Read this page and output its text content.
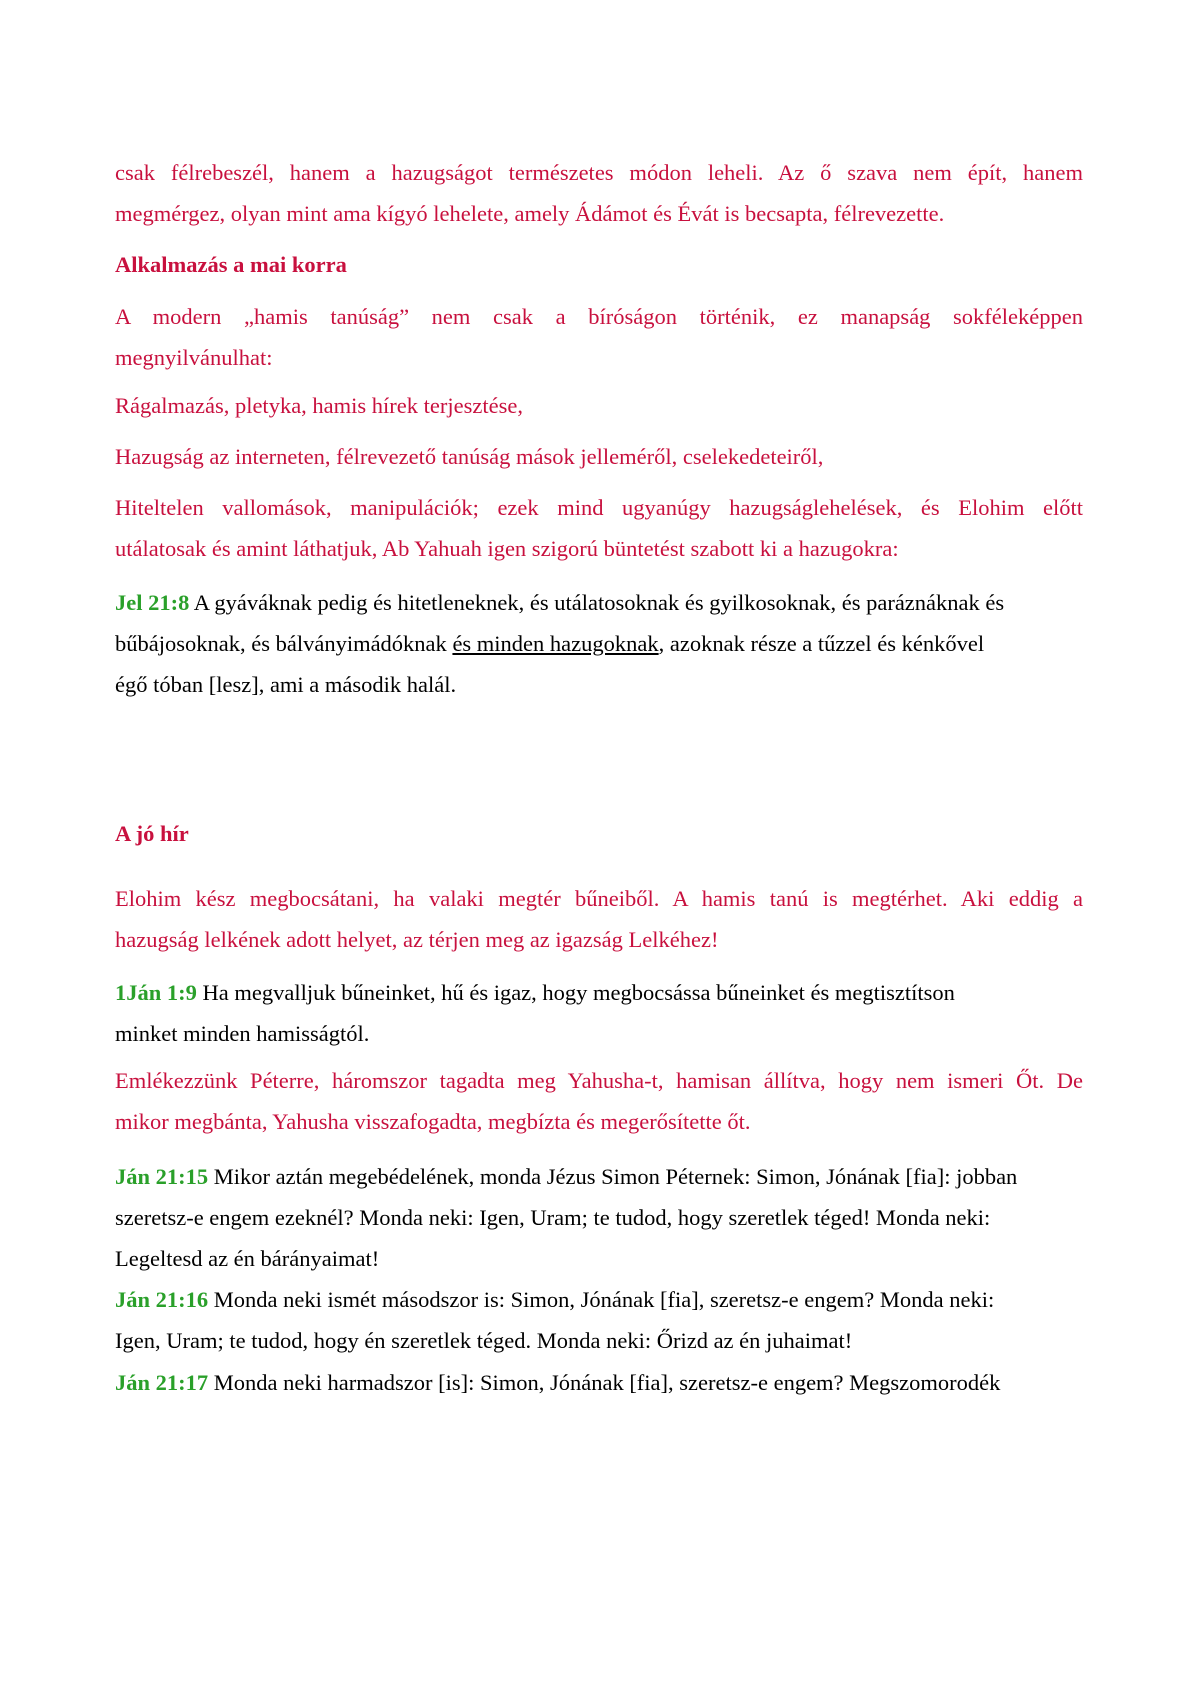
csak félrebeszél, hanem a hazugságot természetes módon leheli. Az ő szava nem épít, hanem
megmérgez, olyan mint ama kígyó lehelete, amely Ádámot és Évát is becsapta, félrevezette.
Alkalmazás a mai korra
A modern „hamis tanúság” nem csak a bíróságon történik, ez manapság sokféleképpen
megnyilvánulhat:
Rágalmazás, pletyka, hamis hírek terjesztése,
Hazugság az interneten, félrevezető tanúság mások jelleméről, cselekedeteiről,
Hiteltelen vallomások, manipulációk; ezek mind ugyanúgy hazugságlehelések, és Elohim előtt
utálatosak és amint láthatjuk, Ab Yahuah igen szigorú büntetést szabott ki a hazugokra:
Jel 21:8 A gyáváknak pedig és hitetleneknek, és utálatosoknak és gyilkosoknak, és paráznáknak és
bűbájosoknak, és bálványimádóknak és minden hazugoknak, azoknak része a tűzzel és kénkővel
égő tóban [lesz], ami a második halál.
A jó hír
Elohim kész megbocsátani, ha valaki megtér bűneiből. A hamis tanú is megtérhet. Aki eddig a
hazugság lelkének adott helyet, az térjen meg az igazság Lelkéhez!
1Ján 1:9 Ha megvalljuk bűneinket, hű és igaz, hogy megbocsássa bűneinket és megtisztítson
minket minden hamisságtól.
Emlékezzünk Péterre, háromszor tagadta meg Yahusha-t, hamisan állítva, hogy nem ismeri Őt. De
mikor megbánta, Yahusha visszafogadta, megbízta és megerősítette őt.
Ján 21:15 Mikor aztán megebédelének, monda Jézus Simon Péternek: Simon, Jónának [fia]: jobban
szeretsz-e engem ezeknél? Monda neki: Igen, Uram; te tudod, hogy szeretlek téged! Monda neki:
Legeltesd az én bárányaimat!
Ján 21:16 Monda neki ismét másodszor is: Simon, Jónának [fia], szeretsz-e engem? Monda neki:
Igen, Uram; te tudod, hogy én szeretlek téged. Monda neki: Őrizd az én juhaimat!
Ján 21:17 Monda neki harmadszor [is]: Simon, Jónának [fia], szeretsz-e engem? Megszomorodék
